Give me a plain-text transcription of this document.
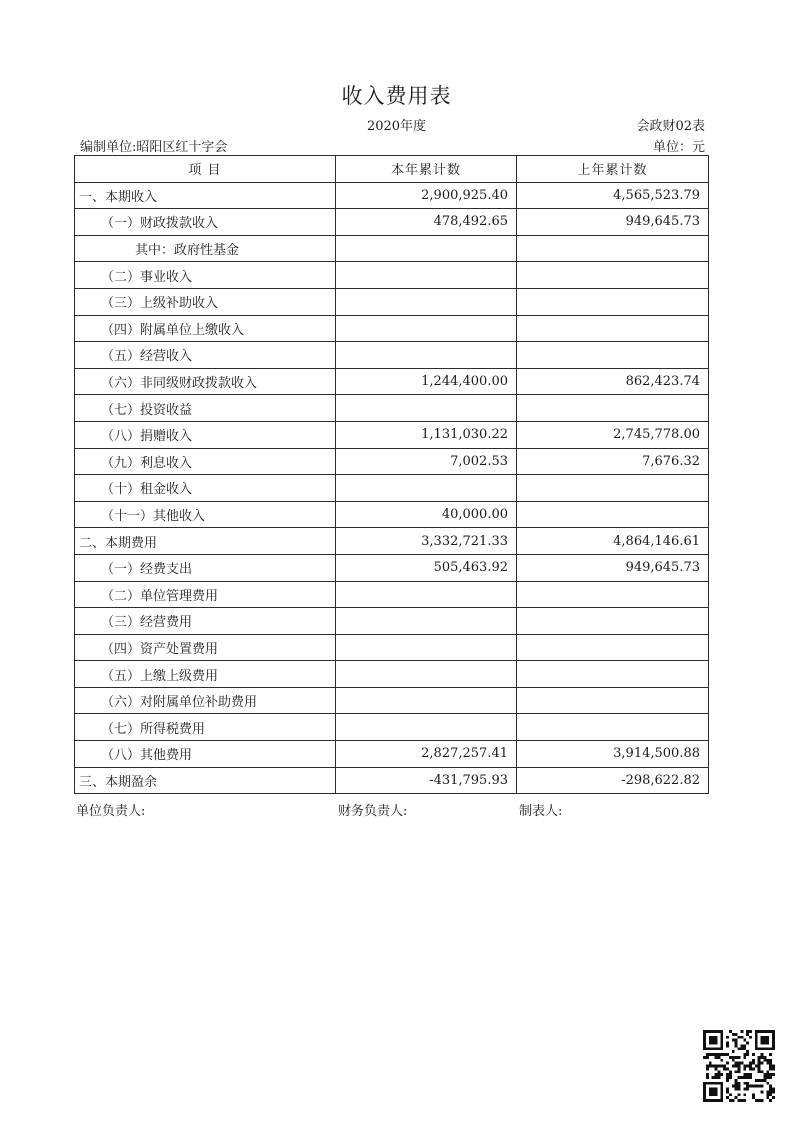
收入费用表
2020年度	会政财02表
编制单位:昭阳区红十字会	单位：元
项 目	本年累计数	上年累计数
一、本期收入	2,900,925.40	4,565,523.79
（一）财政拨款收入	478,492.65	949,645.73
其中：政府性基金		
（二）事业收入		
（三）上级补助收入		
（四）附属单位上缴收入		
（五）经营收入		
（六）非同级财政拨款收入	1,244,400.00	862,423.74
（七）投资收益		
（八）捐赠收入	1,131,030.22	2,745,778.00
（九）利息收入	7,002.53	7,676.32
（十）租金收入		
（十一）其他收入	40,000.00	
二、本期费用	3,332,721.33	4,864,146.61
（一）经费支出	505,463.92	949,645.73
（二）单位管理费用		
（三）经营费用		
（四）资产处置费用		
（五）上缴上级费用		
（六）对附属单位补助费用		
（七）所得税费用		
（八）其他费用	2,827,257.41	3,914,500.88
三、本期盈余	-431,795.93	-298,622.82
单位负责人:	财务负责人:	制表人:
